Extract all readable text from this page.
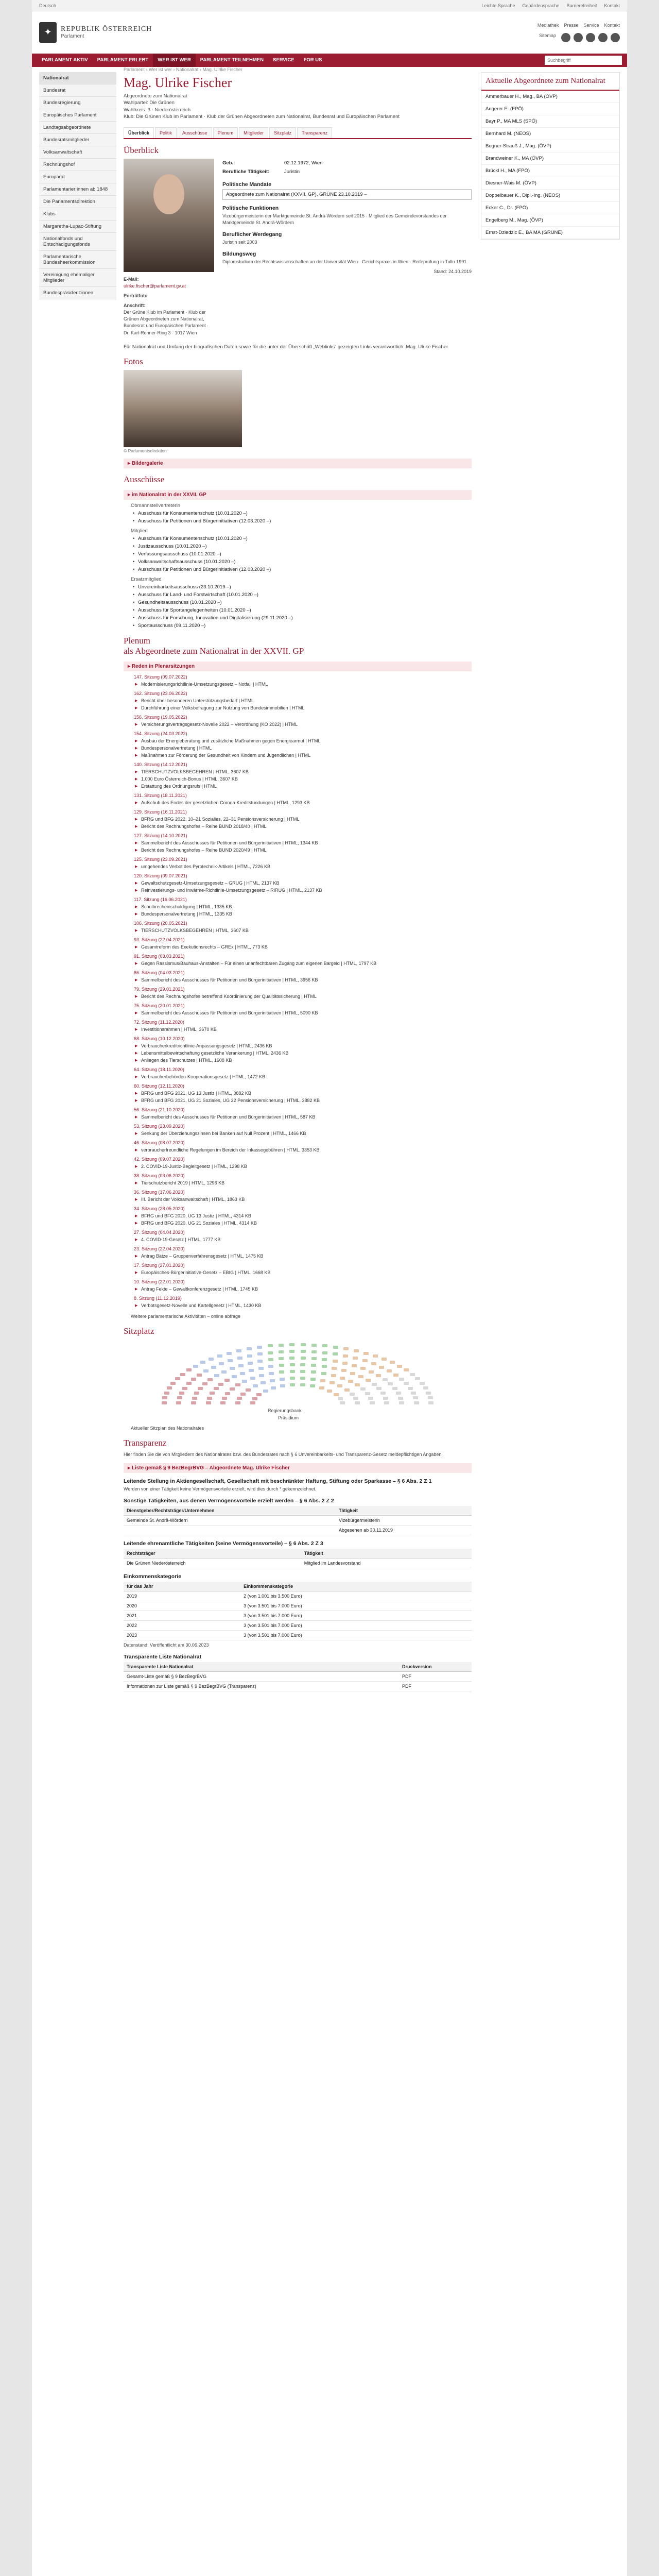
Deutsch	Leichte Sprache Gebärdensprache Barrierefreiheit Kontakt
✦	REPUBLIK ÖSTERREICH
Parlament
Mediathek Presse Service Kontakt
Sitemap
PARLAMENT AKTIV	PARLAMENT ERLEBT	WER IST WER	PARLAMENT TEILNEHMEN	SERVICE	FOR US
Suchbegriff
Nationalrat
Bundesrat
Bundesregierung
Europäisches Parlament
Landtagsabgeordnete
Bundesratsmitglieder
Volksanwaltschaft
Rechnungshof
Europarat
Parlamentarier:innen ab 1848
Die Parlamentsdirektion
Klubs
Margaretha-Lupac-Stiftung
Nationalfonds und Entschädigungsfonds
Parlamentarische Bundesheerkommission
Vereinigung ehemaliger Mitglieder
Bundespräsident:innen
Parlament › Wer ist wer › Nationalrat › Mag. Ulrike Fischer
Mag. Ulrike Fischer
Abgeordnete zum Nationalrat
Wahlpartei: Die Grünen
Wahlkreis: 3 - Niederösterreich
Klub: Die Grünen Klub im Parlament · Klub der Grünen Abgeordneten zum Nationalrat, Bundesrat und Europäischen Parlament
Überblick	Politik	Ausschüsse	Plenum	Mitglieder	Sitzplatz	Transparenz
Überblick
E-Mail:
ulrike.fischer@parlament.gv.at
Porträtfoto
Anschrift:
Der Grüne Klub im Parlament · Klub der Grünen Abgeordneten zum Nationalrat, Bundesrat und Europäischen Parlament · Dr. Karl-Renner-Ring 3 · 1017 Wien
Geb.:	02.12.1972, Wien
Berufliche Tätigkeit:	Juristin
Politische Mandate
Abgeordnete zum Nationalrat (XXVII. GP), GRÜNE 23.10.2019 –
Politische Funktionen
Vizebürgermeisterin der Marktgemeinde St. Andrä-Wördern seit 2015 · Mitglied des Gemeindevorstandes der Marktgemeinde St. Andrä-Wördern
Beruflicher Werdegang
Juristin seit 2003
Bildungsweg
Diplomstudium der Rechtswissenschaften an der Universität Wien · Gerichtspraxis in Wien · Reifeprüfung in Tulln 1991
Stand: 24.10.2019
Für Nationalrat und Umfang der biografischen Daten sowie für die unter der Überschrift „Weblinks“ gezeigten Links verantwortlich: Mag. Ulrike Fischer
Fotos
© Parlamentsdirektion
▸ Bildergalerie
Ausschüsse
▸ im Nationalrat in der XXVII. GP
Obmannstellvertreterin
• Ausschuss für Konsumentenschutz (10.01.2020 –)
• Ausschuss für Petitionen und Bürgerinitiativen (12.03.2020 –)
Mitglied
• Ausschuss für Konsumentenschutz (10.01.2020 –)
• Justizausschuss (10.01.2020 –)
• Verfassungsausschuss (10.01.2020 –)
• Volksanwaltschaftsausschuss (10.01.2020 –)
• Ausschuss für Petitionen und Bürgerinitiativen (12.03.2020 –)
Ersatzmitglied
• Unvereinbarkeitsausschuss (23.10.2019 –)
• Ausschuss für Land- und Forstwirtschaft (10.01.2020 –)
• Gesundheitsausschuss (10.01.2020 –)
• Ausschuss für Sportangelegenheiten (10.01.2020 –)
• Ausschuss für Forschung, Innovation und Digitalisierung (29.11.2020 –)
• Sportausschuss (09.11.2020 –)
Plenum
als Abgeordnete zum Nationalrat in der XXVII. GP
▸ Reden in Plenarsitzungen
147. Sitzung (09.07.2022)
▶ Modernisierungsrichtlinie-Umsetzungsgesetz – Notfall | HTML
162. Sitzung (23.06.2022)
▶ Bericht über besonderen Unterstützungsbedarf | HTML
▶ Durchführung einer Volksbefragung zur Nutzung von Bundesimmobilien | HTML
156. Sitzung (19.05.2022)
▶ Versicherungsvertragsgesetz-Novelle 2022 – Verordnung (KO 2022) | HTML
154. Sitzung (24.03.2022)
▶ Ausbau der Energieberatung und zusätzliche Maßnahmen gegen Energiearmut | HTML
▶ Bundespersonalvertretung | HTML
▶ Maßnahmen zur Förderung der Gesundheit von Kindern und Jugendlichen | HTML
140. Sitzung (14.12.2021)
▶ TIERSCHUTZVOLKSBEGEHREN | HTML, 3607 KB
▶ 1.000 Euro Österreich-Bonus | HTML, 3607 KB
▶ Erstattung des Ordnungsrufs | HTML
131. Sitzung (18.11.2021)
▶ Aufschub des Endes der gesetzlichen Corona-Kreditstundungen | HTML, 1293 KB
129. Sitzung (16.11.2021)
▶ BFRG und BFG 2022, 10–21 Sozialies, 22–31 Pensionsversicherung | HTML
▶ Bericht des Rechnungshofes – Reihe BUND 2018/40 | HTML
127. Sitzung (14.10.2021)
▶ Sammelbericht des Ausschusses für Petitionen und Bürgerinitiativen | HTML, 1344 KB
▶ Bericht des Rechnungshofes – Reihe BUND 2020/49 | HTML
125. Sitzung (23.09.2021)
▶ umgehendes Verbot des Pyrotechnik-Artikels | HTML, 7226 KB
120. Sitzung (09.07.2021)
▶ Gewaltschutzgesetz-Umsetzungsgesetz – GRUG | HTML, 2137 KB
▶ Reinvestierungs- und Inwärme-Richtlinie-Umsetzungsgesetz – RIRUG | HTML, 2137 KB
117. Sitzung (16.06.2021)
▶ Schulbrecheinschuldigung | HTML, 1335 KB
▶ Bundespersonalvertretung | HTML, 1335 KB
106. Sitzung (20.05.2021)
▶ TIERSCHUTZVOLKSBEGEHREN | HTML, 3607 KB
93. Sitzung (22.04.2021)
▶ Gesamtreform des Exekutionsrechts – GREx | HTML, 773 KB
91. Sitzung (03.03.2021)
▶ Gegen Rassismus/Bauhaus-Anstalten – Für einen unanfechtbaren Zugang zum eigenen Bargeld | HTML, 1797 KB
86. Sitzung (04.03.2021)
▶ Sammelbericht des Ausschusses für Petitionen und Bürgerinitiativen | HTML, 3956 KB
79. Sitzung (29.01.2021)
▶ Bericht des Rechnungshofes betreffend Koordinierung der Qualitätssicherung | HTML
75. Sitzung (20.01.2021)
▶ Sammelbericht des Ausschusses für Petitionen und Bürgerinitiativen | HTML, 5090 KB
72. Sitzung (11.12.2020)
▶ Investitionsrahmen | HTML, 3670 KB
68. Sitzung (10.12.2020)
▶ Verbraucherkreditrichtlinie-Anpassungsgesetz | HTML, 2436 KB
▶ Lebensmittelbewirtschaftung gesetzliche Verankerung | HTML, 2436 KB
▶ Anliegen des Tierschutzes | HTML, 1608 KB
64. Sitzung (18.11.2020)
▶ Verbraucherbehörden-Kooperationsgesetz | HTML, 1472 KB
60. Sitzung (12.11.2020)
▶ BFRG und BFG 2021, UG 13 Justiz | HTML, 3882 KB
▶ BFRG und BFG 2021, UG 21 Soziales, UG 22 Pensionsversicherung | HTML, 3882 KB
56. Sitzung (21.10.2020)
▶ Sammelbericht des Ausschusses für Petitionen und Bürgerinitiativen | HTML, 587 KB
53. Sitzung (23.09.2020)
▶ Senkung der Überziehungszinsen bei Banken auf Null Prozent | HTML, 1466 KB
46. Sitzung (08.07.2020)
▶ verbraucherfreundliche Regelungen im Bereich der Inkassogebühren | HTML, 3353 KB
42. Sitzung (09.07.2020)
▶ 2. COVID-19-Justiz-Begleitgesetz | HTML, 1298 KB
38. Sitzung (03.06.2020)
▶ Tierschutzbericht 2019 | HTML, 1296 KB
36. Sitzung (17.06.2020)
▶ III. Bericht der Volksanwaltschaft | HTML, 1863 KB
34. Sitzung (28.05.2020)
▶ BFRG und BFG 2020, UG 13 Justiz | HTML, 4314 KB
▶ BFRG und BFG 2020, UG 21 Soziales | HTML, 4314 KB
27. Sitzung (04.04.2020)
▶ 4. COVID-19-Gesetz | HTML, 1777 KB
23. Sitzung (22.04.2020)
▶ Antrag Bätze – Gruppenverfahrensgesetz | HTML, 1475 KB
17. Sitzung (27.01.2020)
▶ Europäisches-Bürgerinitiative-Gesetz – EBIG | HTML, 1668 KB
10. Sitzung (22.01.2020)
▶ Antrag Fekte – Gewaltkonferenzgesetz | HTML, 1745 KB
8. Sitzung (11.12.2019)
▶ Verbotsgesetz-Novelle und Kartellgesetz | HTML, 1430 KB
Weitere parlamentarische Aktivitäten – online abfrage
Sitzplatz
Regierungsbank
Präsidium
Aktueller Sitzplan des Nationalrates
Transparenz
Hier finden Sie die von Mitgliedern des Nationalrates bzw. des Bundesrates nach § 6 Unvereinbarkeits- und Transparenz-Gesetz meldepflichtigen Angaben.
▸ Liste gemäß § 9 BezBegrBVG – Abgeordnete Mag. Ulrike Fischer
Leitende Stellung in Aktiengesellschaft, Gesellschaft mit beschränkter Haftung, Stiftung oder Sparkasse – § 6 Abs. 2 Z 1
Werden von einer Tätigkeit keine Vermögensvorteile erzielt, wird dies durch * gekennzeichnet.
Sonstige Tätigkeiten, aus denen Vermögensvorteile erzielt werden – § 6 Abs. 2 Z 2
Dienstgeber/Rechtsträger/Unternehmen	Tätigkeit
Gemeinde St. Andrä-Wördern	Vizebürgermeisterin
	Abgesehen ab 30.11.2019
Leitende ehrenamtliche Tätigkeiten (keine Vermögensvorteile) – § 6 Abs. 2 Z 3
Rechtsträger	Tätigkeit
Die Grünen Niederösterreich	Mitglied im Landesvorstand
Einkommenskategorie
für das Jahr	Einkommenskategorie
2019	2 (von 1.001 bis 3.500 Euro)
2020	3 (von 3.501 bis 7.000 Euro)
2021	3 (von 3.501 bis 7.000 Euro)
2022	3 (von 3.501 bis 7.000 Euro)
2023	3 (von 3.501 bis 7.000 Euro)
Datenstand: Veröffentlicht am 30.06.2023
Transparente Liste Nationalrat
Transparente Liste Nationalrat	Druckversion
Gesamt-Liste gemäß § 9 BezBegrBVG	PDF
Informationen zur Liste gemäß § 9 BezBegrBVG (Transparenz)	PDF
Aktuelle Abgeordnete zum Nationalrat
Ammerbauer H., Mag., BA (ÖVP)
Angerer E. (FPÖ)
Bayr P., MA MLS (SPÖ)
Bernhard M. (NEOS)
Bogner-Strauß J., Mag. (ÖVP)
Brandweiner K., MA (ÖVP)
Brückl H., MA (FPÖ)
Diesner-Wais M. (ÖVP)
Doppelbauer K., Dipl.-Ing. (NEOS)
Ecker C., Dr. (FPÖ)
Engelberg M., Mag. (ÖVP)
Ernst-Dziedzic E., BA MA (GRÜNE)
